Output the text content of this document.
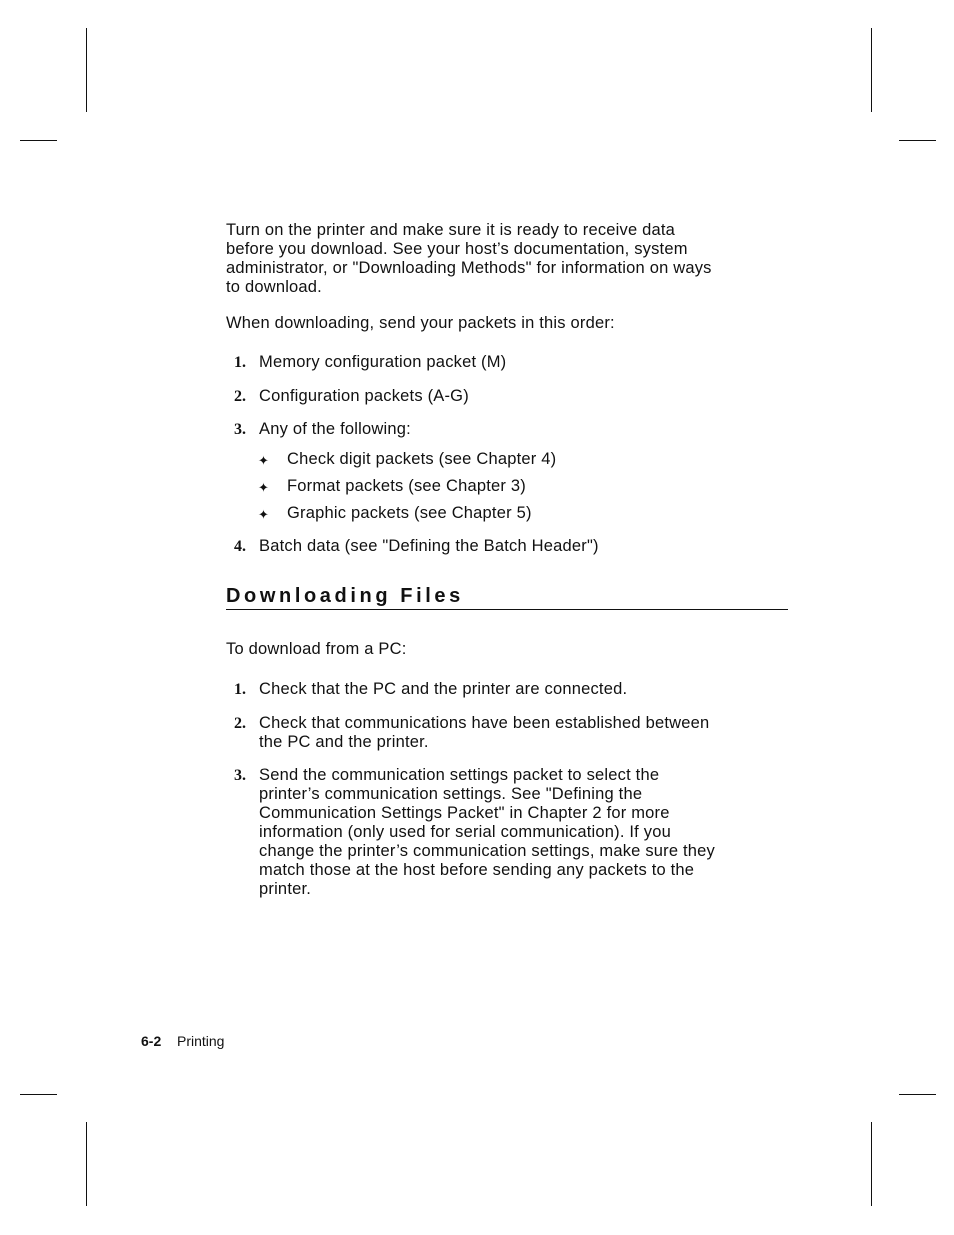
Turn on the printer and make sure it is ready to receive data
before you download. See your host’s documentation, system
administrator, or "Downloading Methods" for information on ways
to download.
When downloading, send your packets in this order:
1. Memory configuration packet (M)
2. Configuration packets (A-G)
3. Any of the following:
✦ Check digit packets (see Chapter 4)
✦ Format packets (see Chapter 3)
✦ Graphic packets (see Chapter 5)
4. Batch data (see "Defining the Batch Header")
Downloading Files
To download from a PC:
1. Check that the PC and the printer are connected.
2. Check that communications have been established between
the PC and the printer.
3. Send the communication settings packet to select the
printer’s communication settings. See "Defining the
Communication Settings Packet" in Chapter 2 for more
information (only used for serial communication). If you
change the printer’s communication settings, make sure they
match those at the host before sending any packets to the
printer.
6-2 Printing
